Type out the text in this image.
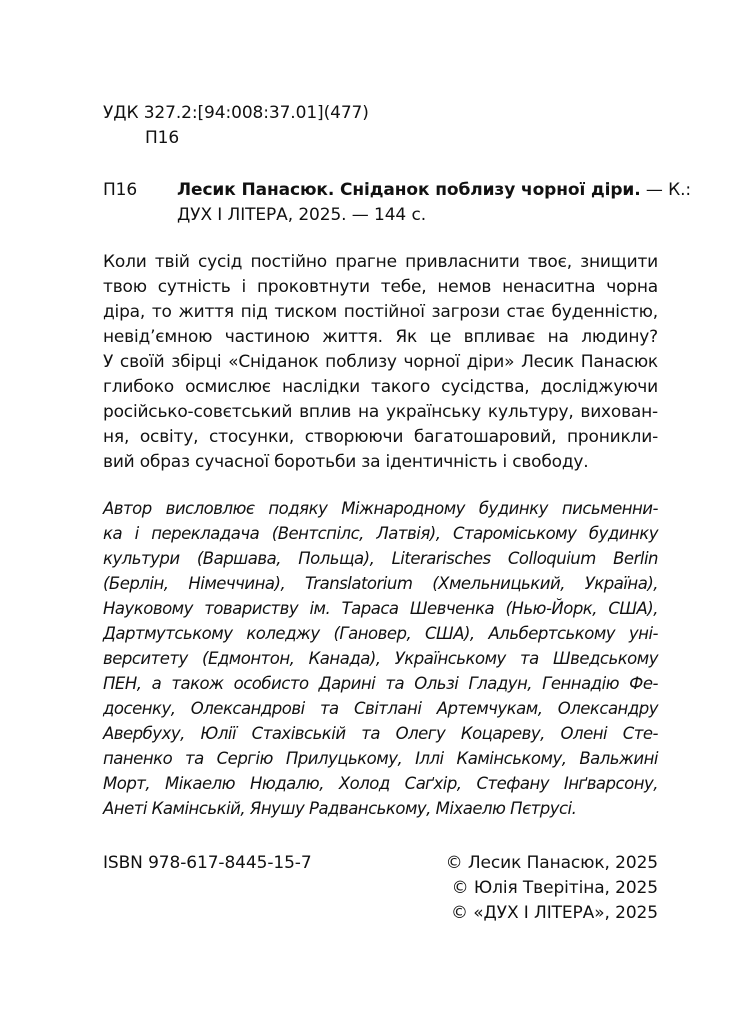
УДК 327.2:[94:008:37.01](477)
П16
П16 Лесик Панасюк. Сніданок поблизу чорної діри. — К.:
ДУХ І ЛІТЕРА, 2025. — 144 с.
Коли твій сусід постійно прагне привласнити твоє, знищити
твою сутність і проковтнути тебе, немов ненаситна чорна
діра, то життя під тиском постійної загрози стає буденністю,
невід’ємною частиною життя. Як це впливає на людину?
У своїй збірці «Сніданок поблизу чорної діри» Лесик Панасюк
глибоко осмислює наслідки такого сусідства, досліджуючи
російсько-совєтський вплив на українську культуру, вихован-
ня, освіту, стосунки, створюючи багатошаровий, проникли-
вий образ сучасної боротьби за ідентичність і свободу.
Автор висловлює подяку Міжнародному будинку письменни-
ка і перекладача (Вентспілс, Латвія), Староміському будинку
культури (Варшава, Польща), Literarisches Colloquium Berlin
(Берлін, Німеччина), Translatorium (Хмельницький, Україна),
Науковому товариству ім. Тараса Шевченка (Нью-Йорк, США),
Дартмутському коледжу (Гановер, США), Альбертському уні-
верситету (Едмонтон, Канада), Українському та Шведському
ПЕН, а також особисто Дарині та Ользі Гладун, Геннадію Фе-
досенку, Олександрові та Світлані Артемчукам, Олександру
Авербуху, Юлії Стахівській та Олегу Коцареву, Олені Сте-
паненко та Сергію Прилуцькому, Іллі Камінському, Вальжині
Морт, Мікаелю Нюдалю, Холод Саґхір, Стефану Інґварсону,
Анеті Камінській, Янушу Радванському, Міхаелю Пєтрусі.
ISBN 978-617-8445-15-7	© Лесик Панасюк, 2025
© Юлія Тверітіна, 2025
© «ДУХ І ЛІТЕРА», 2025
